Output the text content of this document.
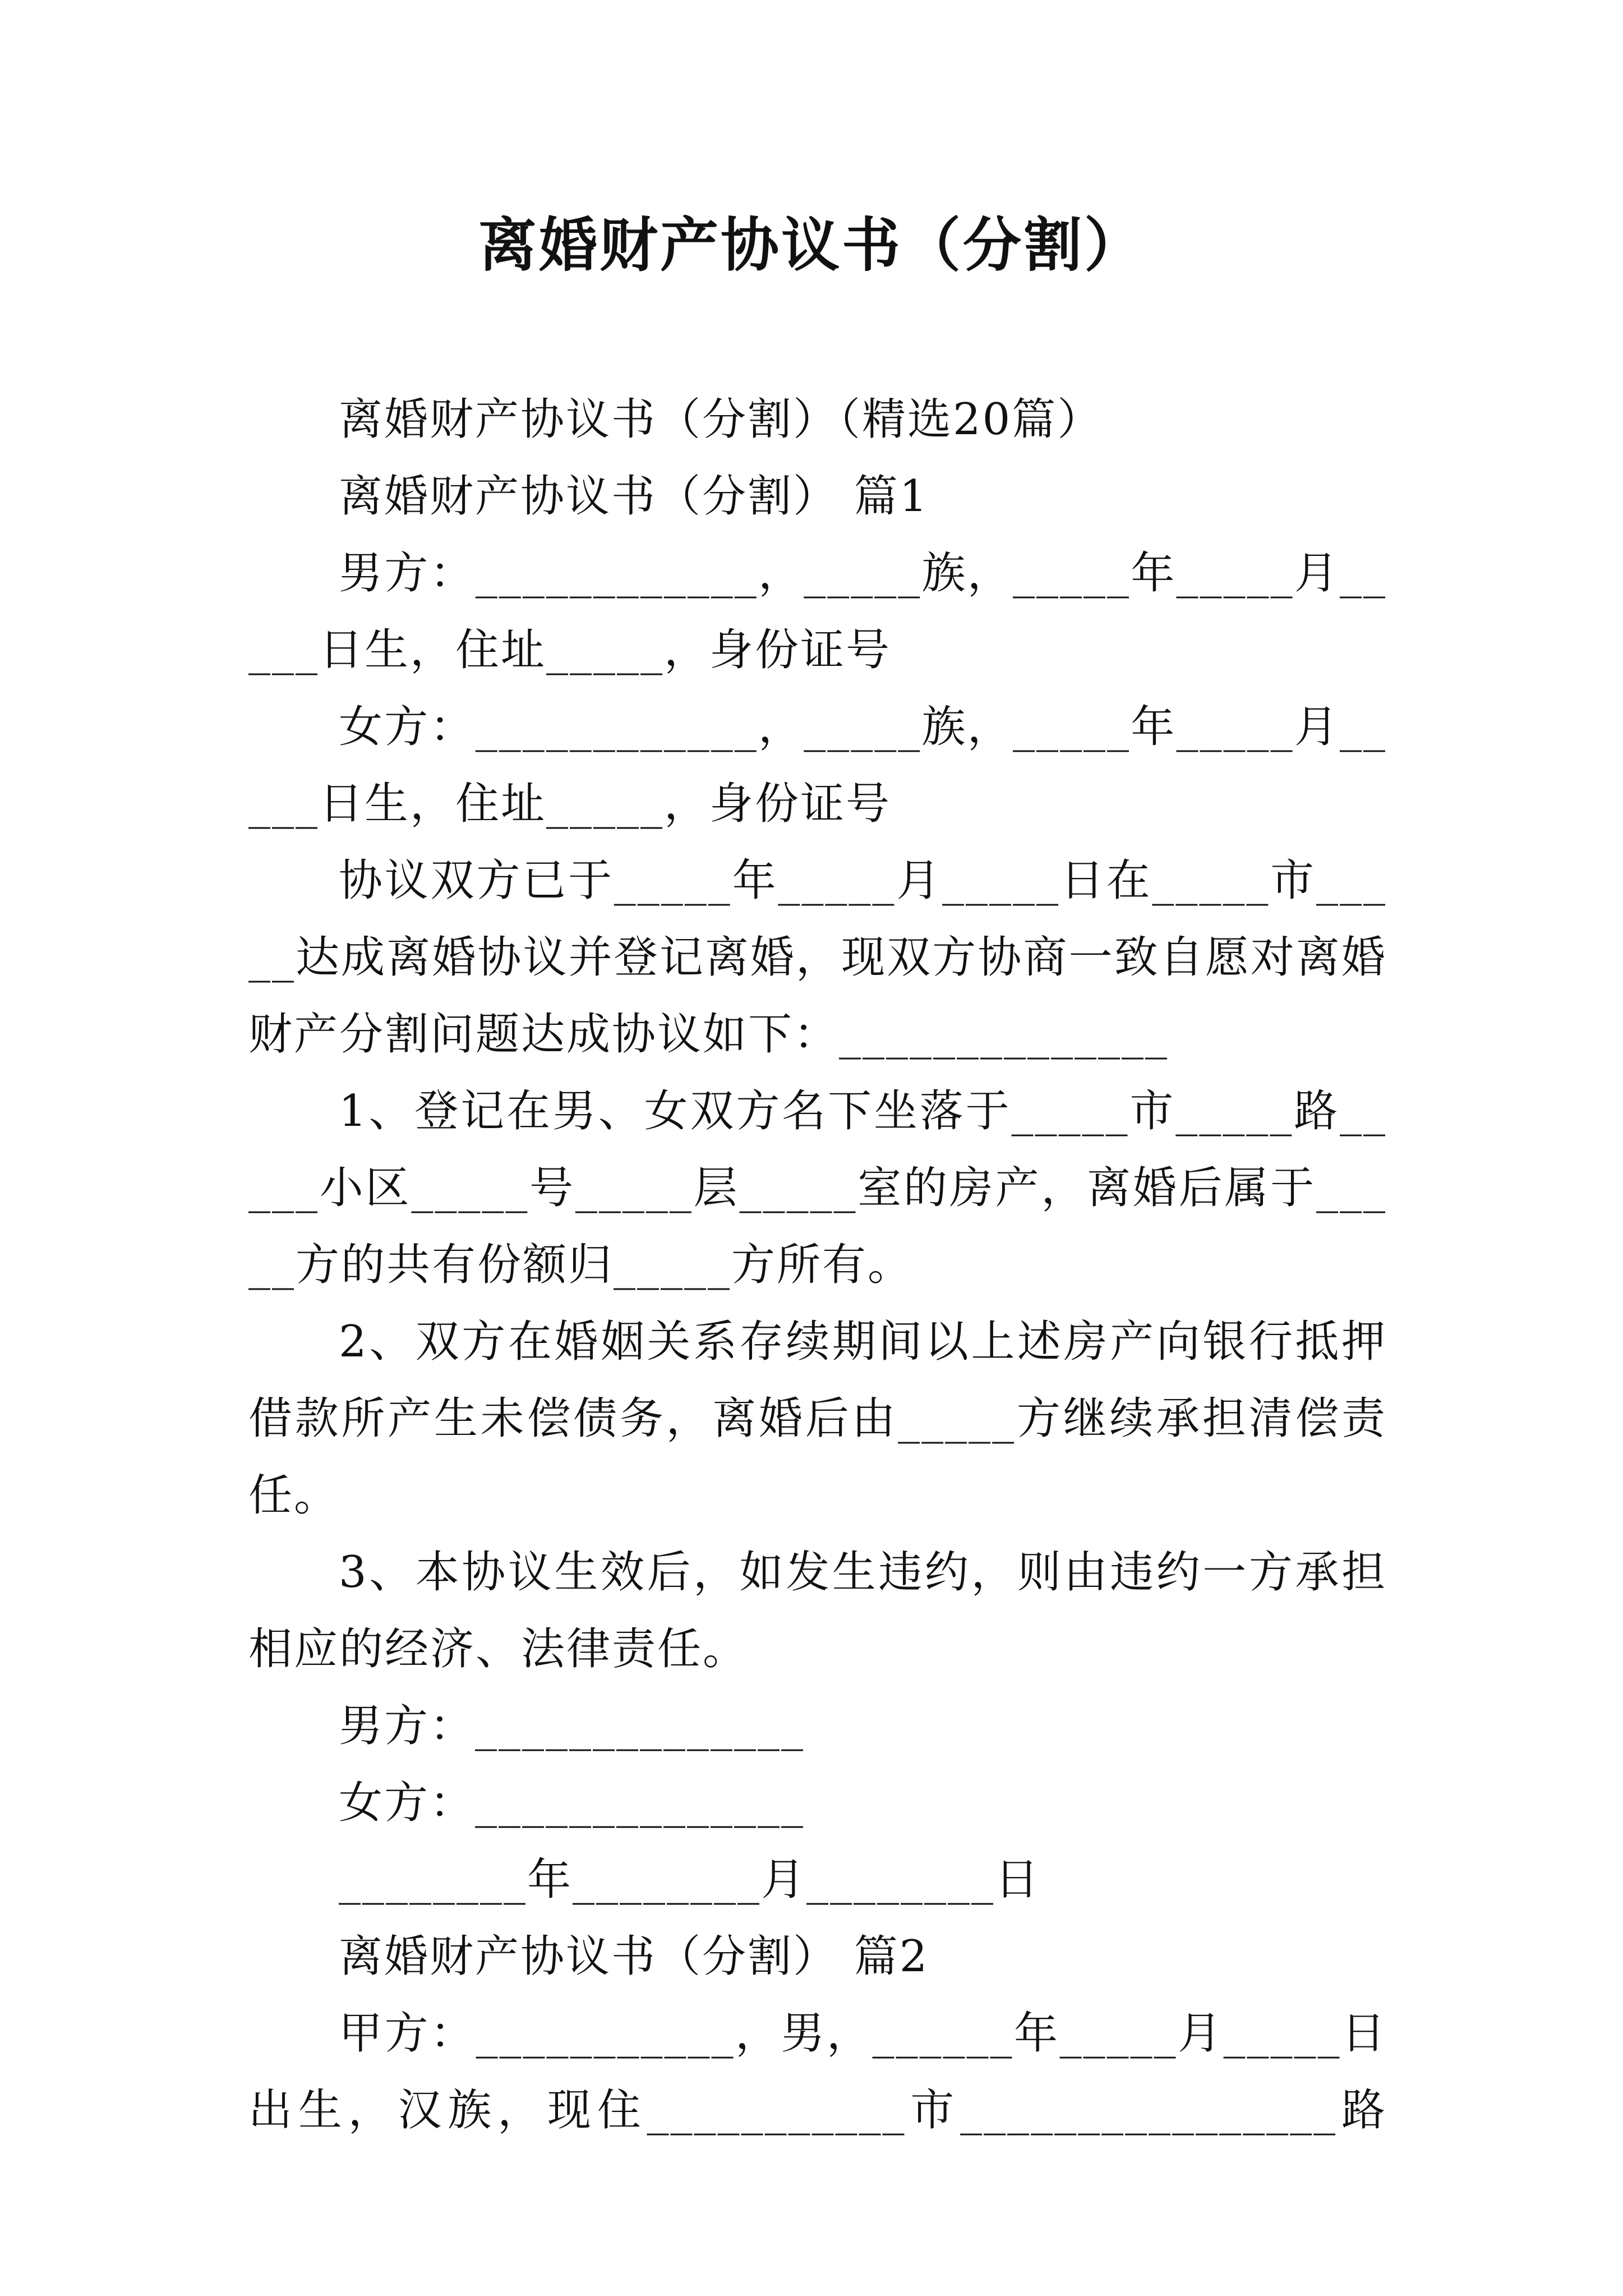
离婚财产协议书（分割）

离婚财产协议书（分割）（精选20篇）

离婚财产协议书（分割） 篇1

男方：____________，_____族，_____年_____月_____日生，住址_____，身份证号

女方：____________，_____族，_____年_____月_____日生，住址_____，身份证号

协议双方已于_____年_____月_____日在_____市_____达成离婚协议并登记离婚，现双方协商一致自愿对离婚财产分割问题达成协议如下：______________

1、登记在男、女双方名下坐落于_____市_____路_____小区_____号_____层_____室的房产，离婚后属于_____方的共有份额归_____方所有。

2、双方在婚姻关系存续期间以上述房产向银行抵押借款所产生未偿债务，离婚后由_____方继续承担清偿责任。

3、本协议生效后，如发生违约，则由违约一方承担相应的经济、法律责任。

男方：______________

女方：______________

________年________月________日

离婚财产协议书（分割） 篇2

甲方：___________，男，______年_____月_____日出生，汉族，现住___________市________________路
